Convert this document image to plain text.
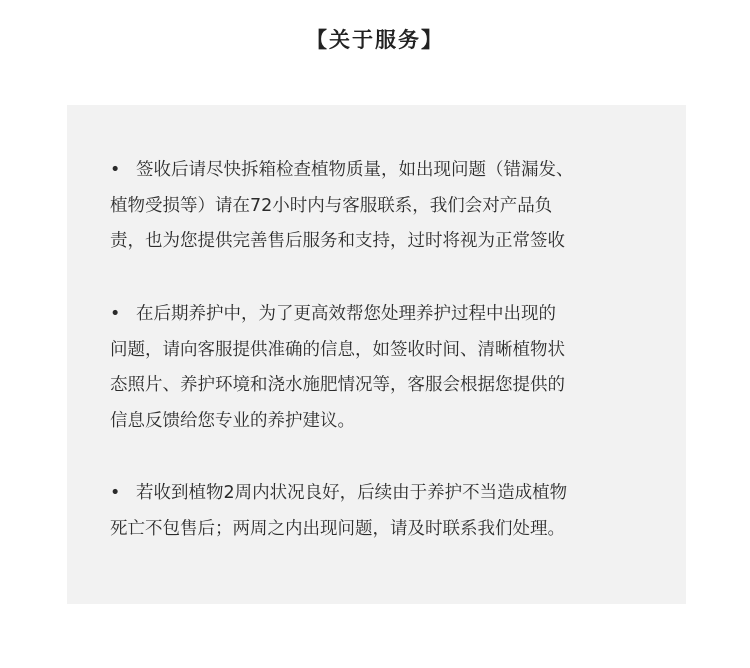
【关于服务】
• 签收后请尽快拆箱检查植物质量，如出现问题（错漏发、
植物受损等）请在72小时内与客服联系，我们会对产品负
责，也为您提供完善售后服务和支持，过时将视为正常签收
• 在后期养护中，为了更高效帮您处理养护过程中出现的
问题，请向客服提供准确的信息，如签收时间、清晰植物状
态照片、养护环境和浇水施肥情况等，客服会根据您提供的
信息反馈给您专业的养护建议。
• 若收到植物2周内状况良好，后续由于养护不当造成植物
死亡不包售后；两周之内出现问题，请及时联系我们处理。
